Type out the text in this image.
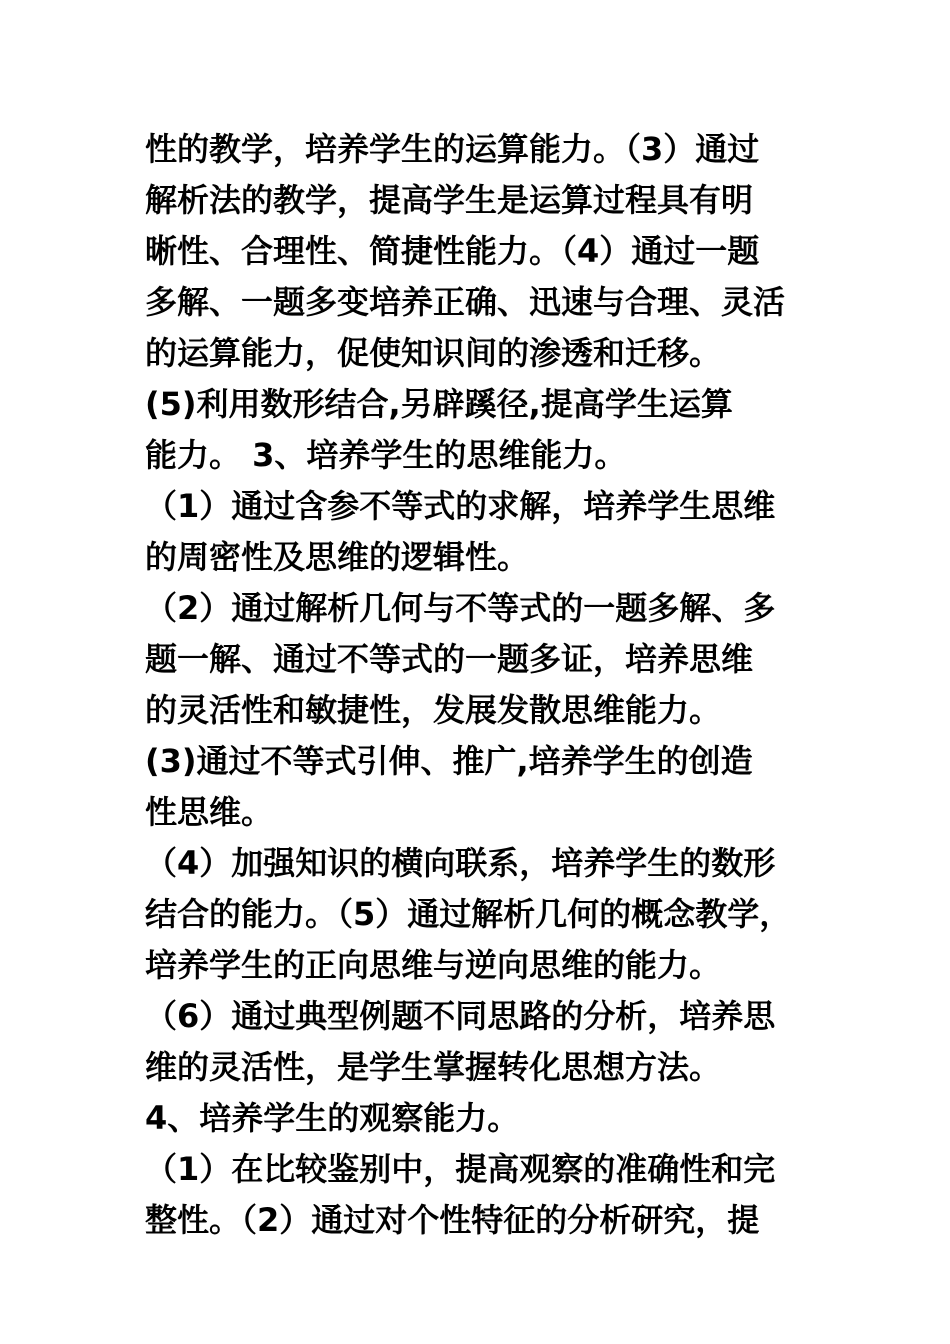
性的教学，培养学生的运算能力。（3）通过
解析法的教学，提高学生是运算过程具有明
晰性、合理性、简捷性能力。（4）通过一题
多解、一题多变培养正确、迅速与合理、灵活
的运算能力，促使知识间的渗透和迁移。
(5)利用数形结合,另辟蹊径,提高学生运算
能力。 3、培养学生的思维能力。
（1）通过含参不等式的求解，培养学生思维
的周密性及思维的逻辑性。
（2）通过解析几何与不等式的一题多解、多
题一解、通过不等式的一题多证，培养思维
的灵活性和敏捷性，发展发散思维能力。
(3)通过不等式引伸、推广,培养学生的创造
性思维。
（4）加强知识的横向联系，培养学生的数形
结合的能力。（5）通过解析几何的概念教学，
培养学生的正向思维与逆向思维的能力。
（6）通过典型例题不同思路的分析，培养思
维的灵活性，是学生掌握转化思想方法。
4、培养学生的观察能力。
（1）在比较鉴别中，提高观察的准确性和完
整性。（2）通过对个性特征的分析研究，提
